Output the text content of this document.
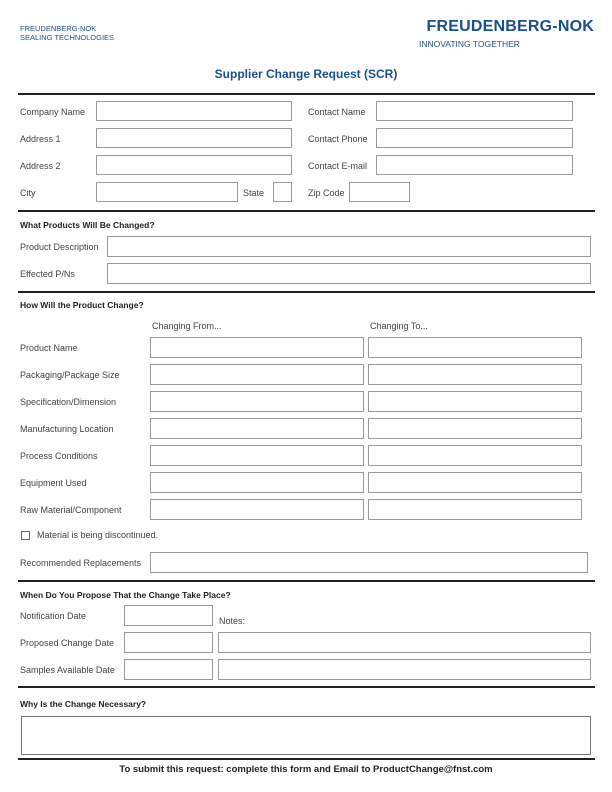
FREUDENBERG-NOK
SEALING TECHNOLOGIES
FREUDENBERG-NOK
INNOVATING TOGETHER
Supplier Change Request (SCR)
Company Name	Contact Name
Address 1	Contact Phone
Address 2	Contact E-mail
City	State	Zip Code
What Products Will Be Changed?
Product Description
Effected P/Ns
How Will the Product Change?
Changing From...	Changing To...
Product Name
Packaging/Package Size
Specification/Dimension
Manufacturing Location
Process Conditions
Equipment Used
Raw Material/Component
Material is being discontinued.
Recommended Replacements
When Do You Propose That the Change Take Place?
Notification Date	Notes:
Proposed Change Date
Samples Available Date
Why Is the Change Necessary?
To submit this request: complete this form and Email to ProductChange@fnst.com
